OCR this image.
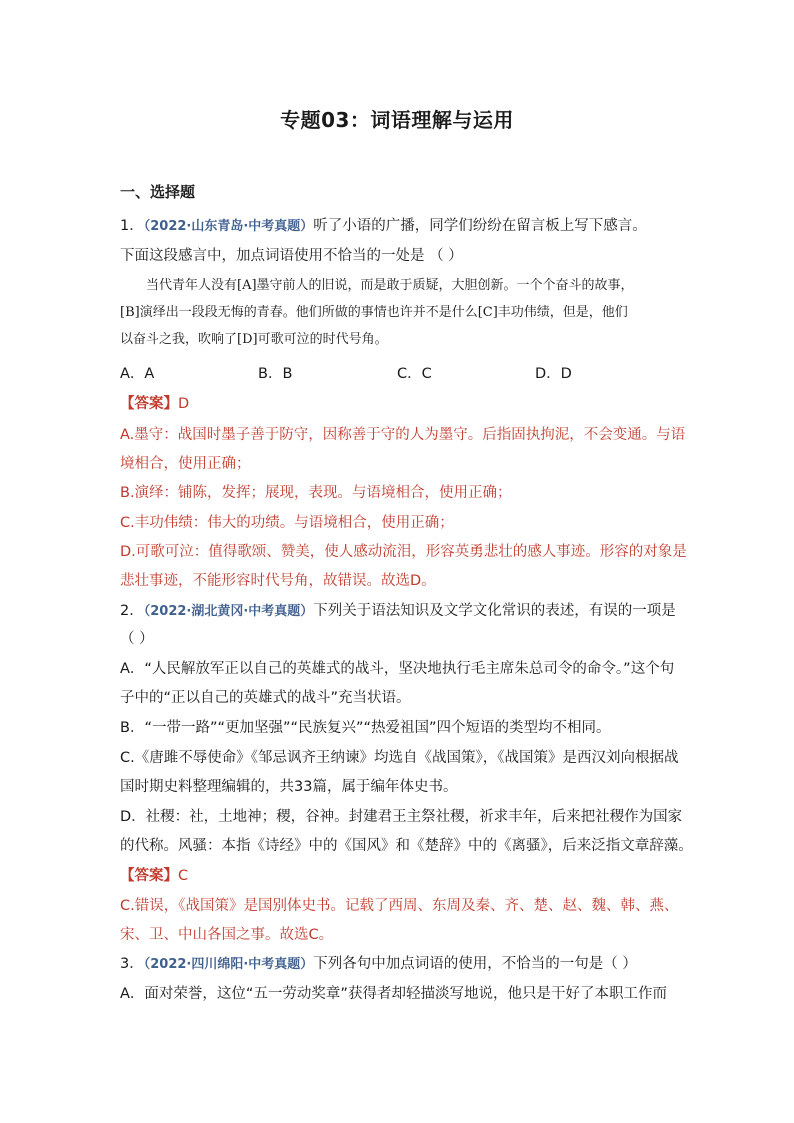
专题03：词语理解与运用
一、选择题
1．（2022·山东青岛·中考真题）听了小语的广播，同学们纷纷在留言板上写下感言。
下面这段感言中，加点词语使用不恰当的一处是 （ ）
当代青年人没有[A]墨守前人的旧说，而是敢于质疑，大胆创新。一个个奋斗的故事，
[B]演绎出一段段无悔的青春。他们所做的事情也许并不是什么[C]丰功伟绩，但是，他们
以奋斗之我，吹响了[D]可歌可泣的时代号角。
A．A	B．B	C．C	D．D
【答案】D
A.墨守：战国时墨子善于防守，因称善于守的人为墨守。后指固执拘泥，不会变通。与语
境相合，使用正确；
B.演绎：铺陈，发挥；展现，表现。与语境相合，使用正确；
C.丰功伟绩：伟大的功绩。与语境相合，使用正确；
D.可歌可泣：值得歌颂、赞美，使人感动流泪，形容英勇悲壮的感人事迹。形容的对象是
悲壮事迹，不能形容时代号角，故错误。故选D。
2．（2022·湖北黄冈·中考真题）下列关于语法知识及文学文化常识的表述，有误的一项是
（ ）
A．“人民解放军正以自己的英雄式的战斗，坚决地执行毛主席朱总司令的命令。”这个句
子中的“正以自己的英雄式的战斗”充当状语。
B．“一带一路”“更加坚强”“民族复兴”“热爱祖国”四个短语的类型均不相同。
C.《唐雎不辱使命》《邹忌讽齐王纳谏》均选自《战国策》，《战国策》是西汉刘向根据战
国时期史料整理编辑的，共33篇，属于编年体史书。
D．社稷：社，土地神；稷，谷神。封建君王主祭社稷，祈求丰年，后来把社稷作为国家
的代称。风骚：本指《诗经》中的《国风》和《楚辞》中的《离骚》，后来泛指文章辞藻。
【答案】C
C.错误，《战国策》是国别体史书。记载了西周、东周及秦、齐、楚、赵、魏、韩、燕、
宋、卫、中山各国之事。故选C。
3．（2022·四川绵阳·中考真题）下列各句中加点词语的使用，不恰当的一句是（ ）
A．面对荣誉，这位“五一劳动奖章”获得者却轻描淡写地说，他只是干好了本职工作而
